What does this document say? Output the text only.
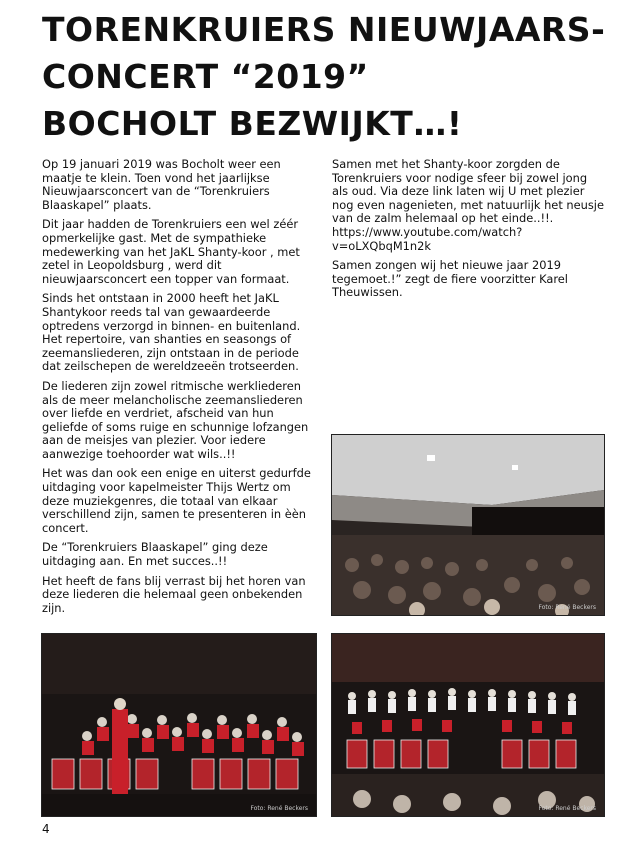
TORENKRUIERS NIEUWJAARS-
CONCERT “2019”
BOCHOLT BEZWIJKT…!

Op 19 januari 2019 was Bocholt weer een maatje te klein. Toen vond het jaarlijkse Nieuwjaarsconcert van de “Torenkruiers Blaaskapel” plaats.

Dit jaar hadden de Torenkruiers een wel zéér opmerkelijke gast. Met de sympathieke medewerking van het JaKL Shanty-koor , met zetel in Leopoldsburg , werd dit nieuwjaarsconcert een topper van formaat.

Sinds het ontstaan in 2000 heeft het JaKL Shantykoor reeds tal van gewaardeerde optredens verzorgd in binnen- en buitenland. Het repertoire, van shanties en seasongs of zeemansliederen, zijn ontstaan in de periode dat zeilschepen de wereldzeeën trotseerden.

De liederen zijn zowel ritmische werkliederen als de meer melancholische zeemansliederen over liefde en verdriet, afscheid van hun geliefde of soms ruige en schunnige lofzangen aan de meisjes van plezier. Voor iedere aanwezige toehoorder wat wils..!!

Het was dan ook een enige en uiterst gedurfde uitdaging voor kapelmeister Thijs Wertz om deze muziekgenres, die totaal van elkaar verschillend zijn, samen te presenteren in èèn concert.

De “Torenkruiers Blaaskapel” ging deze uitdaging aan. En met succes..!!

Het heeft de fans blij verrast bij het horen van deze liederen die helemaal geen onbekenden zijn.

Samen met het Shanty-koor zorgden de Torenkruiers voor nodige sfeer bij zowel jong als oud. Via deze link laten wij U met plezier nog even nagenieten, met natuurlijk het neusje van de zalm helemaal op het einde..!!. https://www.youtube.com/watch?v=oLXQbqM1n2k

Samen zongen wij het nieuwe jaar 2019 tegemoet.!” zegt de fiere voorzitter Karel Theuwissen.

Foto: René Beckers
Foto: René Beckers	Foto: René Beckers
4
